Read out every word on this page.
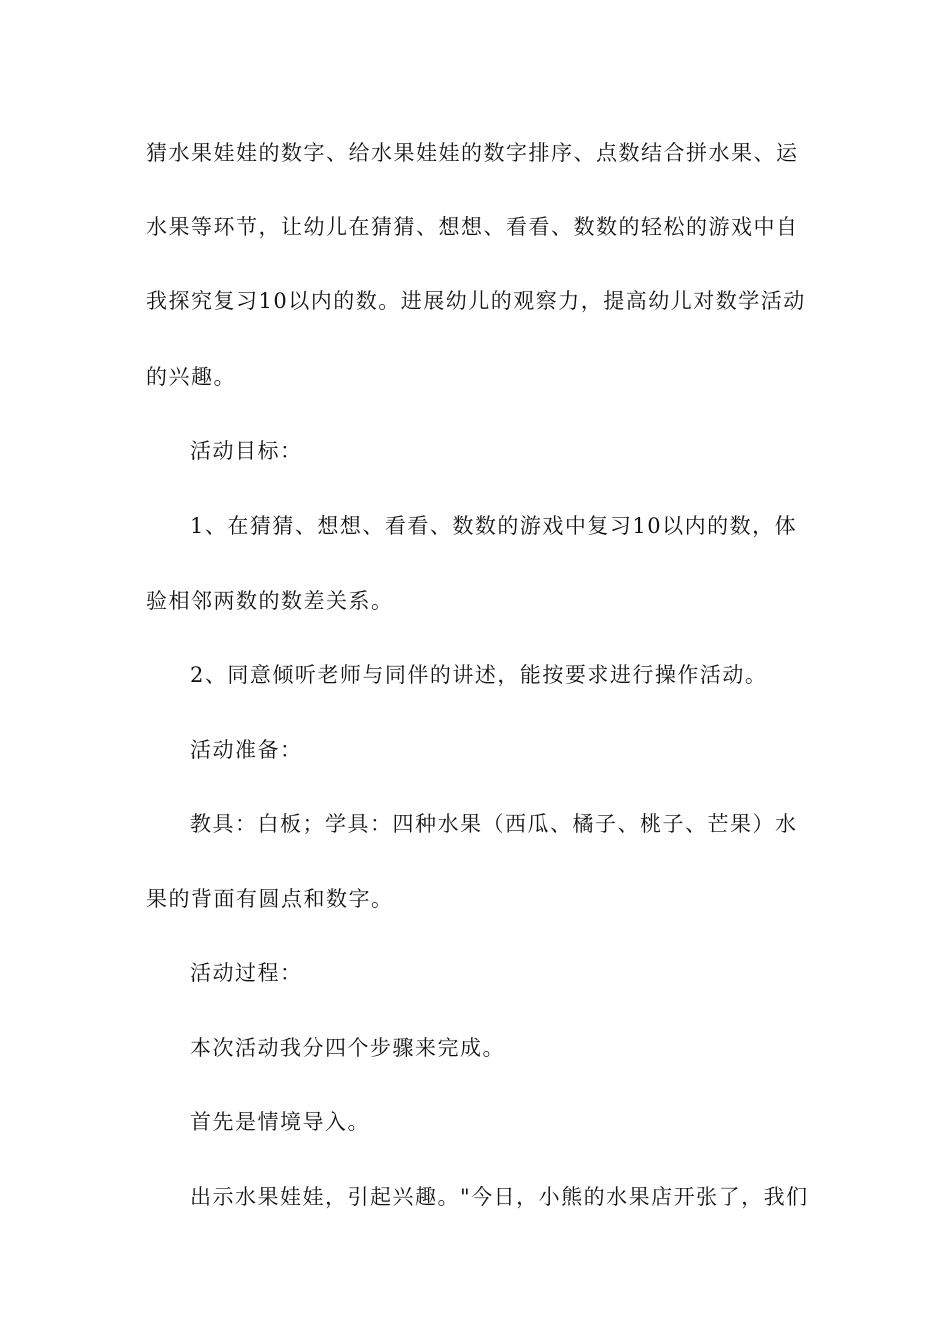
猜水果娃娃的数字、给水果娃娃的数字排序、点数结合拼水果、运
水果等环节，让幼儿在猜猜、想想、看看、数数的轻松的游戏中自
我探究复习10以内的数。进展幼儿的观察力，提高幼儿对数学活动
的兴趣。
活动目标：
1、在猜猜、想想、看看、数数的游戏中复习10以内的数，体
验相邻两数的数差关系。
2、同意倾听老师与同伴的讲述，能按要求进行操作活动。
活动准备：
教具：白板；学具：四种水果（西瓜、橘子、桃子、芒果）水
果的背面有圆点和数字。
活动过程：
本次活动我分四个步骤来完成。
首先是情境导入。
出示水果娃娃，引起兴趣。"今日，小熊的水果店开张了，我们
